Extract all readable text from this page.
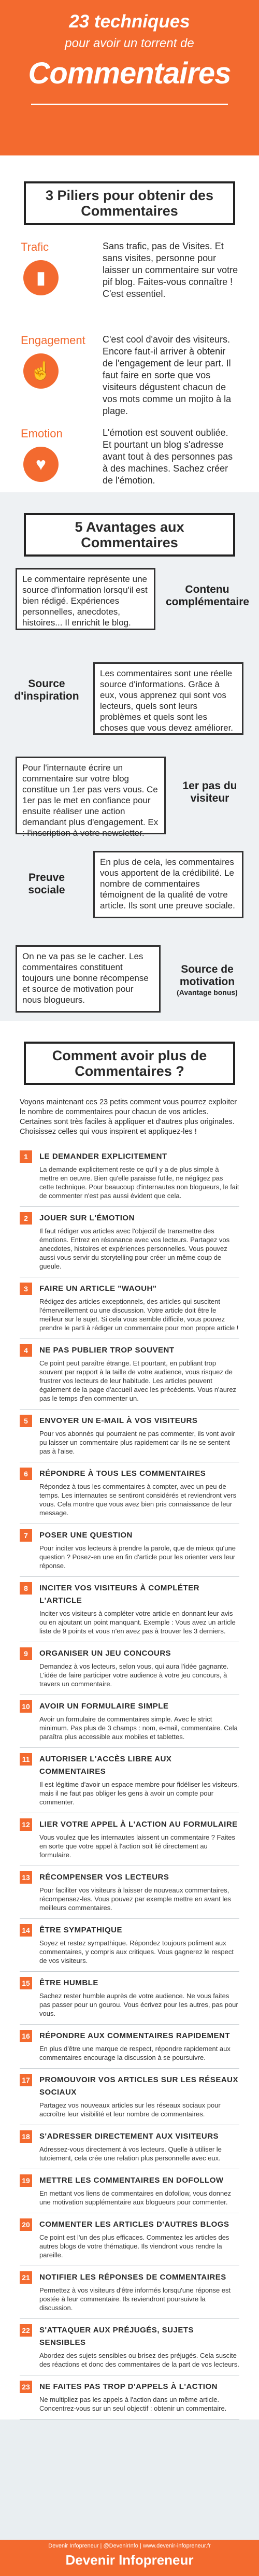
23 techniques
pour avoir un torrent de
Commentaires
3 Piliers pour obtenir des Commentaires
Trafic
▮
Sans trafic, pas de Visites. Et sans visites, personne pour laisser un commentaire sur votre pif blog. Faites-vous connaître ! C'est essentiel.
Engagement
☝
C'est cool d'avoir des visiteurs. Encore faut-il arriver à obtenir de l'engagement de leur part. Il faut faire en sorte que vos visiteurs dégustent chacun de vos mots comme un mojito à la plage.
Emotion
♥
L'émotion est souvent oubliée. Et pourtant un blog s'adresse avant tout à des personnes pas à des machines. Sachez créer de l'émotion.
5 Avantages aux Commentaires
Le commentaire représente une source d'information lorsqu'il est bien rédigé. Expériences personnelles, anecdotes, histoires... Il enrichit le blog.
Contenu complémentaire
Source d'inspiration
Les commentaires sont une réelle source d'informations. Grâce à eux, vous apprenez qui sont vos lecteurs, quels sont leurs problèmes et quels sont les choses que vous devez améliorer.
Pour l'internaute écrire un commentaire sur votre blog constitue un 1er pas vers vous. Ce 1er pas le met en confiance pour ensuite réaliser une action demandant plus d'engagement. Ex : l'inscription à votre newsletter.
1er pas du visiteur
Preuve sociale
En plus de cela, les commentaires vous apportent de la crédibilité. Le nombre de commentaires témoignent de la qualité de votre article. Ils sont une preuve sociale.
On ne va pas se le cacher. Les commentaires constituent toujours une bonne récompense et source de motivation pour nous blogueurs.
Source de motivation
(Avantage bonus)
Comment avoir plus de Commentaires ?
Voyons maintenant ces 23 petits comment vous pourrez exploiter le nombre de commentaires pour chacun de vos articles. Certaines sont très faciles à appliquer et d'autres plus originales. Choisissez celles qui vous inspirent et appliquez-les !
1	LE DEMANDER EXPLICITEMENT
La demande explicitement reste ce qu'il y a de plus simple à mettre en oeuvre. Bien qu'elle paraisse futile, ne négligez pas cette technique. Pour beaucoup d'internautes non blogueurs, le fait de commenter n'est pas aussi évident que cela.
2	JOUER SUR L'ÉMOTION
Il faut rédiger vos articles avec l'objectif de transmettre des émotions. Entrez en résonance avec vos lecteurs. Partagez vos anecdotes, histoires et expériences personnelles. Vous pouvez aussi vous servir du storytelling pour créer un même coup de gueule.
3	FAIRE UN ARTICLE "WAOUH"
Rédigez des articles exceptionnels, des articles qui suscitent l'émerveillement ou une discussion. Votre article doit être le meilleur sur le sujet. Si cela vous semble difficile, vous pouvez prendre le parti à rédiger un commentaire pour mon propre article !
4	NE PAS PUBLIER TROP SOUVENT
Ce point peut paraître étrange. Et pourtant, en publiant trop souvent par rapport à la taille de votre audience, vous risquez de frustrer vos lecteurs de leur habitude. Les articles peuvent également de la page d'accueil avec les précédents. Vous n'aurez pas le temps d'en commenter un.
5	ENVOYER UN E-MAIL À VOS VISITEURS
Pour vos abonnés qui pourraient ne pas commenter, ils vont avoir pu laisser un commentaire plus rapidement car ils ne se sentent pas à l'aise.
6	RÉPONDRE À TOUS LES COMMENTAIRES
Répondez à tous les commentaires à compter, avec un peu de temps. Les internautes se sentiront considérés et reviendront vers vous. Cela montre que vous avez bien pris connaissance de leur message.
7	POSER UNE QUESTION
Pour inciter vos lecteurs à prendre la parole, que de mieux qu'une question ? Posez-en une en fin d'article pour les orienter vers leur réponse.
8	INCITER VOS VISITEURS À COMPLÉTER L'ARTICLE
Inciter vos visiteurs à compléter votre article en donnant leur avis ou en ajoutant un point manquant. Exemple : Vous avez un article liste de 9 points et vous n'en avez pas à trouver les 3 derniers.
9	ORGANISER UN JEU CONCOURS
Demandez à vos lecteurs, selon vous, qui aura l'idée gagnante. L'idée de faire participer votre audience à votre jeu concours, à travers un commentaire.
10 AVOIR UN FORMULAIRE SIMPLE
Avoir un formulaire de commentaires simple. Avec le strict minimum. Pas plus de 3 champs : nom, e-mail, commentaire. Cela paraîtra plus accessible aux mobiles et tablettes.
11	AUTORISER L'ACCÈS LIBRE AUX COMMENTAIRES
Il est légitime d'avoir un espace membre pour fidéliser les visiteurs, mais il ne faut pas obliger les gens à avoir un compte pour commenter.
12 LIER VOTRE APPEL À L'ACTION AU FORMULAIRE
Vous voulez que les internautes laissent un commentaire ? Faites en sorte que votre appel à l'action soit lié directement au formulaire.
13 RÉCOMPENSER VOS LECTEURS
Pour faciliter vos visiteurs à laisser de nouveaux commentaires, récompensez-les. Vous pouvez par exemple mettre en avant les meilleurs commentaires.
14 ÊTRE SYMPATHIQUE
Soyez et restez sympathique. Répondez toujours poliment aux commentaires, y compris aux critiques. Vous gagnerez le respect de vos visiteurs.
15 ÊTRE HUMBLE
Sachez rester humble auprès de votre audience. Ne vous faites pas passer pour un gourou. Vous écrivez pour les autres, pas pour vous.
16 RÉPONDRE AUX COMMENTAIRES RAPIDEMENT
En plus d'être une marque de respect, répondre rapidement aux commentaires encourage la discussion à se poursuivre.
17 PROMOUVOIR VOS ARTICLES SUR LES RÉSEAUX SOCIAUX
Partagez vos nouveaux articles sur les réseaux sociaux pour accroître leur visibilité et leur nombre de commentaires.
18 S'ADRESSER DIRECTEMENT AUX VISITEURS
Adressez-vous directement à vos lecteurs. Quelle à utiliser le tutoiement, cela crée une relation plus personnelle avec eux.
19 METTRE LES COMMENTAIRES EN DOFOLLOW
En mettant vos liens de commentaires en dofollow, vous donnez une motivation supplémentaire aux blogueurs pour commenter.
20 COMMENTER LES ARTICLES D'AUTRES BLOGS
Ce point est l'un des plus efficaces. Commentez les articles des autres blogs de votre thématique. Ils viendront vous rendre la pareille.
21 NOTIFIER LES RÉPONSES DE COMMENTAIRES
Permettez à vos visiteurs d'être informés lorsqu'une réponse est postée à leur commentaire. Ils reviendront poursuivre la discussion.
22 S'ATTAQUER AUX PRÉJUGÉS, SUJETS SENSIBLES
Abordez des sujets sensibles ou brisez des préjugés. Cela suscite des réactions et donc des commentaires de la part de vos lecteurs.
23 NE FAITES PAS TROP D'APPELS À L'ACTION
Ne multipliez pas les appels à l'action dans un même article. Concentrez-vous sur un seul objectif : obtenir un commentaire.
Devenir Infopreneur | @DevenirInfo | www.devenir-infopreneur.fr
Devenir Infopreneur
